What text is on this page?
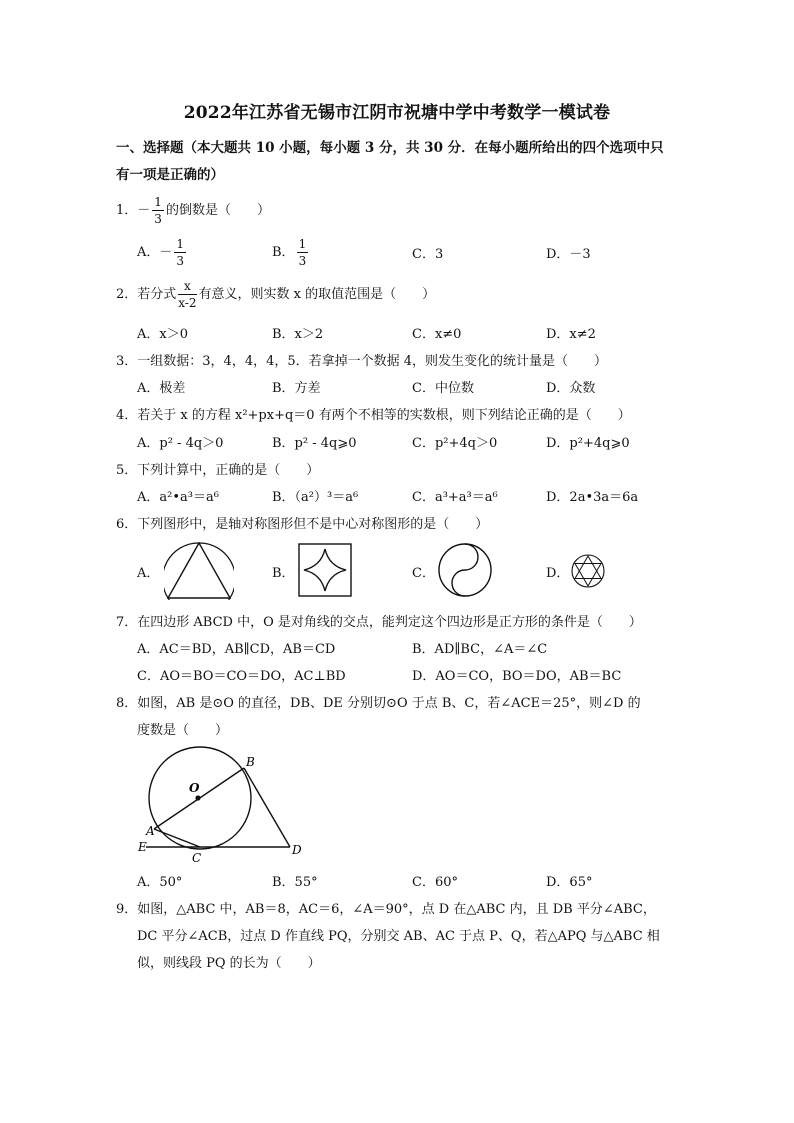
2022年江苏省无锡市江阴市祝塘中学中考数学一模试卷
一、选择题（本大题共 10 小题，每小题 3 分，共 30 分．在每小题所给出的四个选项中只
有一项是正确的）
1．－ $\frac{1}{3}$ 的倒数是（　　）
A．－ $\frac{1}{3}$	B． $\frac{1}{3}$	C．3	D．－3
2．若分式 $\frac{x}{x-2}$ 有意义，则实数 x 的取值范围是（　　）
A．x＞0	B．x＞2	C．x≠0	D．x≠2
3．一组数据：3，4，4，4，5．若拿掉一个数据 4，则发生变化的统计量是（　　）
A．极差	B．方差	C．中位数	D．众数
4．若关于 x 的方程 x²+px+q＝0 有两个不相等的实数根，则下列结论正确的是（　　）
A．p² - 4q＞0	B．p² - 4q⩾0	C．p²+4q＞0	D．p²+4q⩾0
5．下列计算中，正确的是（　　）
A．a²•a³＝a⁶	B．（a²）³＝a⁶	C．a³+a³＝a⁶	D．2a•3a＝6a
6．下列图形中，是轴对称图形但不是中心对称图形的是（　　）
A．	B．	C．	D．
7．在四边形 ABCD 中，O 是对角线的交点，能判定这个四边形是正方形的条件是（　　）
A．AC＝BD，AB∥CD，AB＝CD	B．AD∥BC，∠A＝∠C
C．AO＝BO＝CO＝DO，AC⊥BD	D．AO＝CO，BO＝DO，AB＝BC
8．如图，AB 是⊙O 的直径，DB、DE 分别切⊙O 于点 B、C，若∠ACE＝25°，则∠D 的
度数是（　　）
O
B
A
C
D
E
A．50°	B．55°	C．60°	D．65°
9．如图，△ABC 中，AB＝8，AC＝6，∠A＝90°，点 D 在△ABC 内，且 DB 平分∠ABC，
DC 平分∠ACB，过点 D 作直线 PQ，分别交 AB、AC 于点 P、Q，若△APQ 与△ABC 相
似，则线段 PQ 的长为（　　）
